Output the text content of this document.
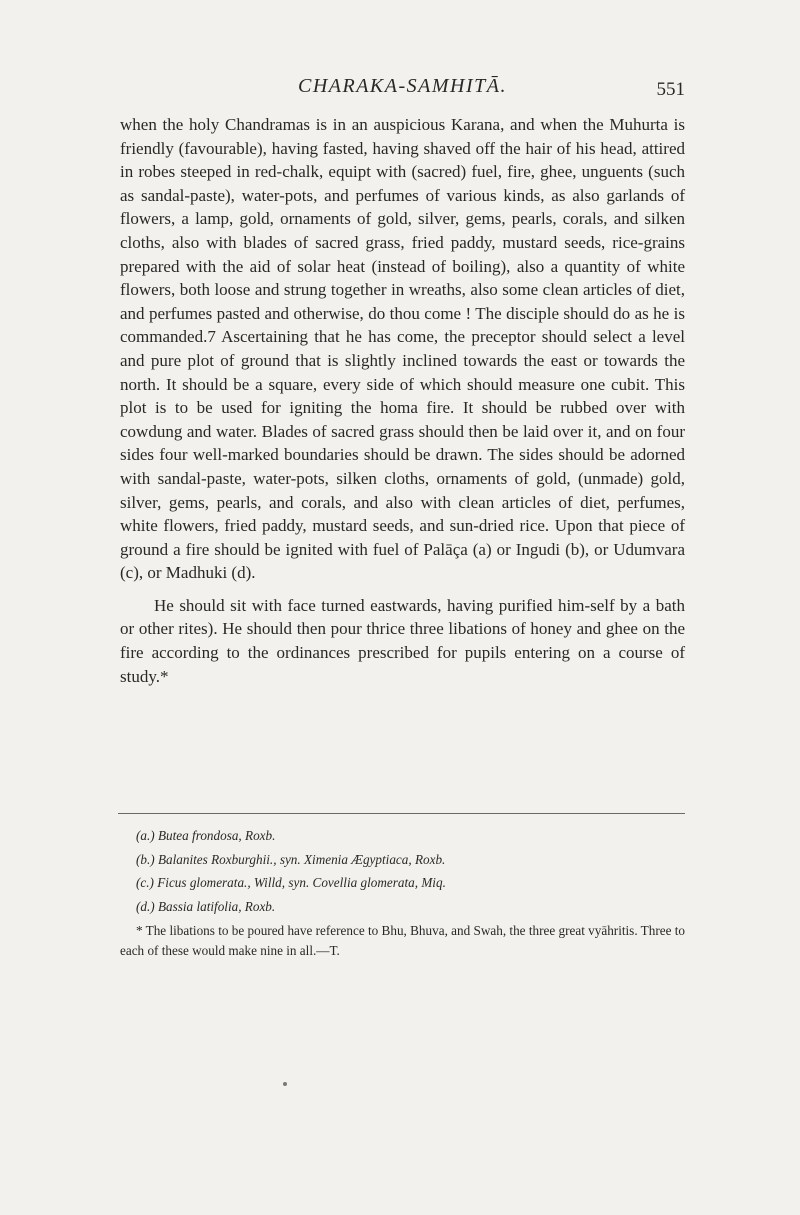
CHARAKA-SAMHITĀ.	551

when the holy Chandramas is in an auspicious Karana, and when the Muhurta is friendly (favourable), having fasted, having shaved off the hair of his head, attired in robes steeped in red-chalk, equipt with (sacred) fuel, fire, ghee, unguents (such as sandal-paste), water-pots, and perfumes of various kinds, as also garlands of flowers, a lamp, gold, ornaments of gold, silver, gems, pearls, corals, and silken cloths, also with blades of sacred grass, fried paddy, mustard seeds, rice-grains prepared with the aid of solar heat (instead of boiling), also a quantity of white flowers, both loose and strung together in wreaths, also some clean articles of diet, and perfumes pasted and otherwise, do thou come ! The disciple should do as he is commanded.7 Ascertaining that he has come, the preceptor should select a level and pure plot of ground that is slightly inclined towards the east or towards the north. It should be a square, every side of which should measure one cubit. This plot is to be used for igniting the homa fire. It should be rubbed over with cowdung and water. Blades of sacred grass should then be laid over it, and on four sides four well-marked boundaries should be drawn. The sides should be adorned with sandal-paste, water-pots, silken cloths, ornaments of gold, (unmade) gold, silver, gems, pearls, and corals, and also with clean articles of diet, perfumes, white flowers, fried paddy, mustard seeds, and sun-dried rice. Upon that piece of ground a fire should be ignited with fuel of Palāça (a) or Ingudi (b), or Udumvara (c), or Madhuki (d).

He should sit with face turned eastwards, having purified him-self by a bath or other rites). He should then pour thrice three libations of honey and ghee on the fire according to the ordinances prescribed for pupils entering on a course of study.*

(a.) Butea frondosa, Roxb.

(b.) Balanites Roxburghii., syn. Ximenia Ægyptiaca, Roxb.

(c.) Ficus glomerata., Willd, syn. Covellia glomerata, Miq.

(d.) Bassia latifolia, Roxb.

* The libations to be poured have reference to Bhu, Bhuva, and Swah, the three great vyāhritis. Three to each of these would make nine in all.—T.
